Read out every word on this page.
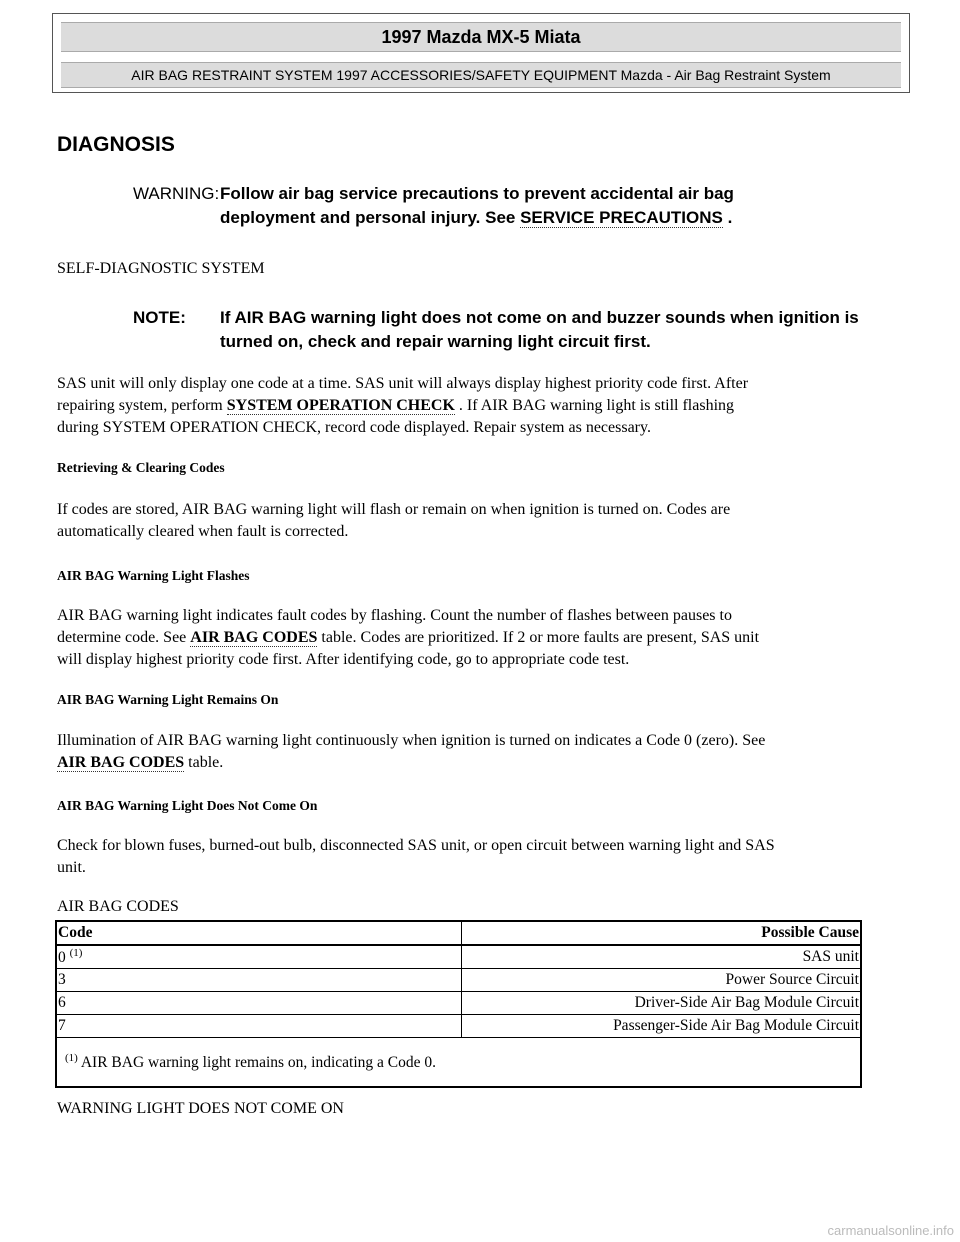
1997 Mazda MX-5 Miata
AIR BAG RESTRAINT SYSTEM 1997 ACCESSORIES/SAFETY EQUIPMENT Mazda - Air Bag Restraint System
DIAGNOSIS
WARNING: Follow air bag service precautions to prevent accidental air bag
deployment and personal injury. See SERVICE PRECAUTIONS .
SELF-DIAGNOSTIC SYSTEM
NOTE: If AIR BAG warning light does not come on and buzzer sounds when ignition is
turned on, check and repair warning light circuit first.
SAS unit will only display one code at a time. SAS unit will always display highest priority code first. After
repairing system, perform SYSTEM OPERATION CHECK . If AIR BAG warning light is still flashing
during SYSTEM OPERATION CHECK, record code displayed. Repair system as necessary.
Retrieving & Clearing Codes
If codes are stored, AIR BAG warning light will flash or remain on when ignition is turned on. Codes are
automatically cleared when fault is corrected.
AIR BAG Warning Light Flashes
AIR BAG warning light indicates fault codes by flashing. Count the number of flashes between pauses to
determine code. See AIR BAG CODES table. Codes are prioritized. If 2 or more faults are present, SAS unit
will display highest priority code first. After identifying code, go to appropriate code test.
AIR BAG Warning Light Remains On
Illumination of AIR BAG warning light continuously when ignition is turned on indicates a Code 0 (zero). See
AIR BAG CODES table.
AIR BAG Warning Light Does Not Come On
Check for blown fuses, burned-out bulb, disconnected SAS unit, or open circuit between warning light and SAS
unit.
AIR BAG CODES
Code	Possible Cause
0 $^{(1)}$	SAS unit
3	Power Source Circuit
6	Driver-Side Air Bag Module Circuit
7	Passenger-Side Air Bag Module Circuit
$^{(1)}$ AIR BAG warning light remains on, indicating a Code 0.	
WARNING LIGHT DOES NOT COME ON
carmanualsonline.info
